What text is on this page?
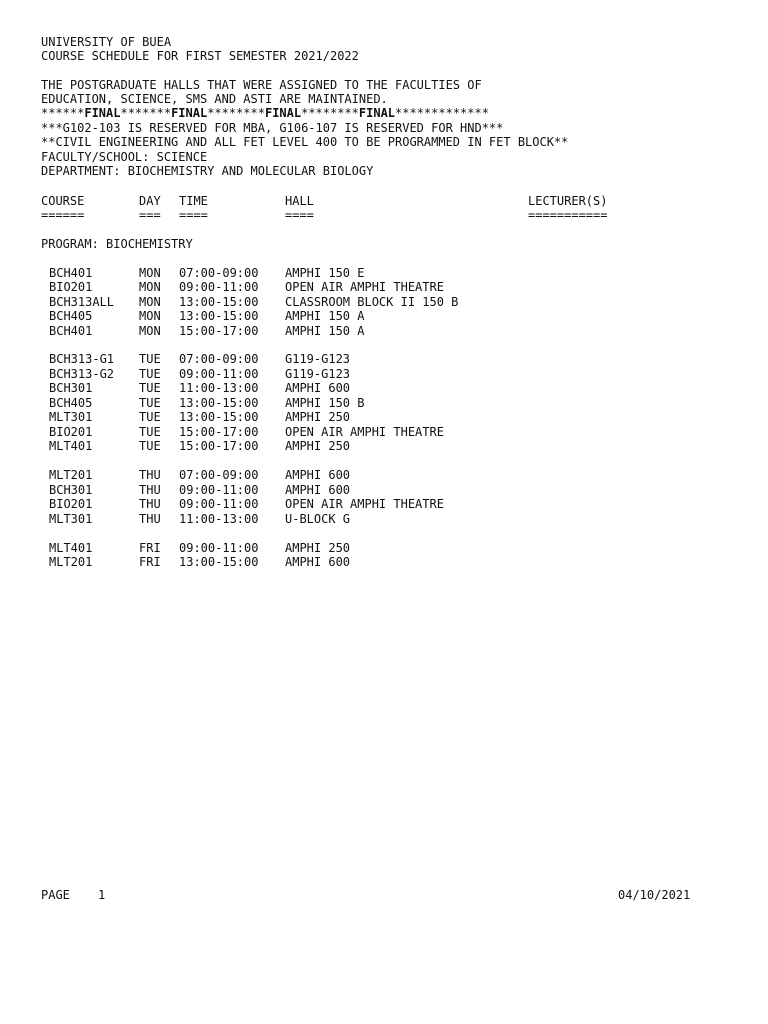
UNIVERSITY OF BUEA
COURSE SCHEDULE FOR FIRST SEMESTER 2021/2022
THE POSTGRADUATE HALLS THAT WERE ASSIGNED TO THE FACULTIES OF
EDUCATION, SCIENCE, SMS AND ASTI ARE MAINTAINED.
******FINAL*******FINAL********FINAL********FINAL*************
***G102-103 IS RESERVED FOR MBA, G106-107 IS RESERVED FOR HND***
**CIVIL ENGINEERING AND ALL FET LEVEL 400 TO BE PROGRAMMED IN FET BLOCK**
FACULTY/SCHOOL: SCIENCE
DEPARTMENT: BIOCHEMISTRY AND MOLECULAR BIOLOGY
COURSE	DAY TIME	HALL	LECTURER(S)
======	=== ====	====	===========
PROGRAM: BIOCHEMISTRY
BCH401	MON 07:00-09:00 AMPHI 150 E
BIO201	MON 09:00-11:00 OPEN AIR AMPHI THEATRE
BCH313ALL MON 13:00-15:00 CLASSROOM BLOCK II 150 B
BCH405	MON 13:00-15:00 AMPHI 150 A
BCH401	MON 15:00-17:00 AMPHI 150 A
BCH313-G1 TUE 07:00-09:00 G119-G123
BCH313-G2 TUE 09:00-11:00 G119-G123
BCH301	TUE 11:00-13:00 AMPHI 600
BCH405	TUE 13:00-15:00 AMPHI 150 B
MLT301	TUE 13:00-15:00 AMPHI 250
BIO201	TUE 15:00-17:00 OPEN AIR AMPHI THEATRE
MLT401	TUE 15:00-17:00 AMPHI 250
MLT201	THU 07:00-09:00 AMPHI 600
BCH301	THU 09:00-11:00 AMPHI 600
BIO201	THU 09:00-11:00 OPEN AIR AMPHI THEATRE
MLT301	THU 11:00-13:00 U-BLOCK G
MLT401	FRI 09:00-11:00 AMPHI 250
MLT201	FRI 13:00-15:00 AMPHI 600
PAGE 1	04/10/2021
